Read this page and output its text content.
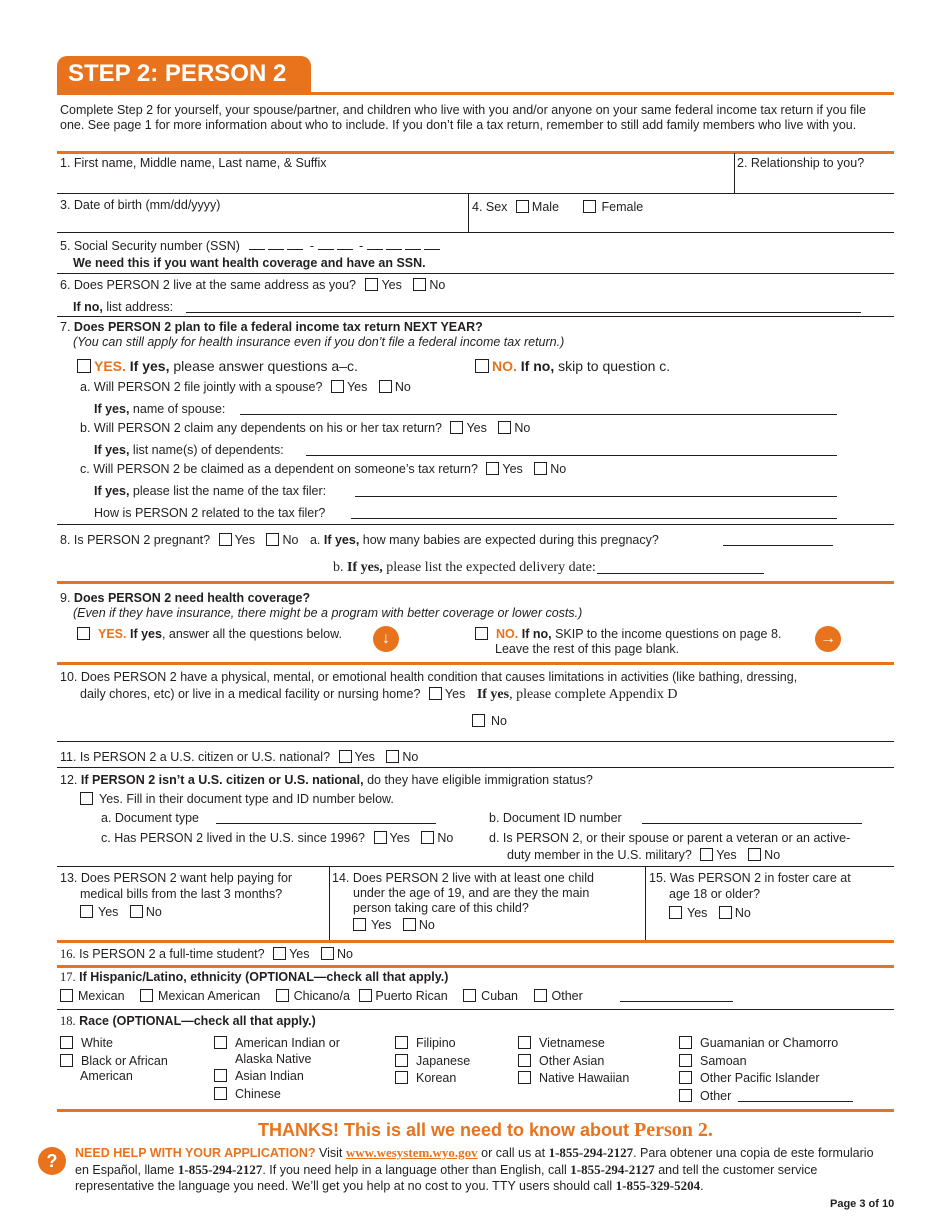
STEP 2: PERSON 2
Complete Step 2 for yourself, your spouse/partner, and children who live with you and/or anyone on your same federal income tax return if you file one. See page 1 for more information about who to include. If you don’t file a tax return, remember to still add family members who live with you.
1. First name, Middle name, Last name, & Suffix	2. Relationship to you?
3. Date of birth (mm/dd/yyyy)	4. Sex Male	Female
5. Social Security number (SSN)	-	-
We need this if you want health coverage and have an SSN.
6. Does PERSON 2 live at the same address as you? Yes No
If no, list address:
7. Does PERSON 2 plan to file a federal income tax return NEXT YEAR?
(You can still apply for health insurance even if you don’t file a federal income tax return.)
YES. If yes, please answer questions a–c.	NO. If no, skip to question c.
a. Will PERSON 2 file jointly with a spouse? Yes No
If yes, name of spouse:
b. Will PERSON 2 claim any dependents on his or her tax return? Yes No
If yes, list name(s) of dependents:
c. Will PERSON 2 be claimed as a dependent on someone’s tax return? Yes No
If yes, please list the name of the tax filer:
How is PERSON 2 related to the tax filer?
8. Is PERSON 2 pregnant? Yes No a. If yes, how many babies are expected during this pregnacy?
b. If yes, please list the expected delivery date:
9. Does PERSON 2 need health coverage?
(Even if they have insurance, there might be a program with better coverage or lower costs.)
YES. If yes, answer all the questions below.	↓	NO. If no, SKIP to the income questions on page 8.
Leave the rest of this page blank.
→
10. Does PERSON 2 have a physical, mental, or emotional health condition that causes limitations in activities (like bathing, dressing,
daily chores, etc) or live in a medical facility or nursing home? Yes If yes, please complete Appendix D
No
11. Is PERSON 2 a U.S. citizen or U.S. national? Yes No
12. If PERSON 2 isn’t a U.S. citizen or U.S. national, do they have eligible immigration status?
Yes. Fill in their document type and ID number below.
a. Document type	b. Document ID number
c. Has PERSON 2 lived in the U.S. since 1996? Yes No	d. Is PERSON 2, or their spouse or parent a veteran or an active-
duty member in the U.S. military? Yes No
13. Does PERSON 2 want help paying for
medical bills from the last 3 months?
Yes No
14. Does PERSON 2 live with at least one child
under the age of 19, and are they the main
person taking care of this child?
Yes No
15. Was PERSON 2 in foster care at
age 18 or older?
Yes No
16. Is PERSON 2 a full-time student? Yes No
17. If Hispanic/Latino, ethnicity (OPTIONAL—check all that apply.)
Mexican	Mexican American	Chicano/a Puerto Rican	Cuban	Other
18. Race (OPTIONAL—check all that apply.)
White
Black or African
American
American Indian or
Alaska Native
Asian Indian
Chinese
Filipino
Japanese
Korean
Vietnamese
Other Asian
Native Hawaiian
Guamanian or Chamorro
Samoan
Other Pacific Islander
Other
THANKS! This is all we need to know about Person 2.
?	NEED HELP WITH YOUR APPLICATION? Visit www.wesystem.wyo.gov or call us at 1-855-294-2127. Para obtener una copia de este formulario en Español, llame 1-855-294-2127. If you need help in a language other than English, call 1-855-294-2127 and tell the customer service representative the language you need. We’ll get you help at no cost to you. TTY users should call 1-855-329-5204.
Page 3 of 10
